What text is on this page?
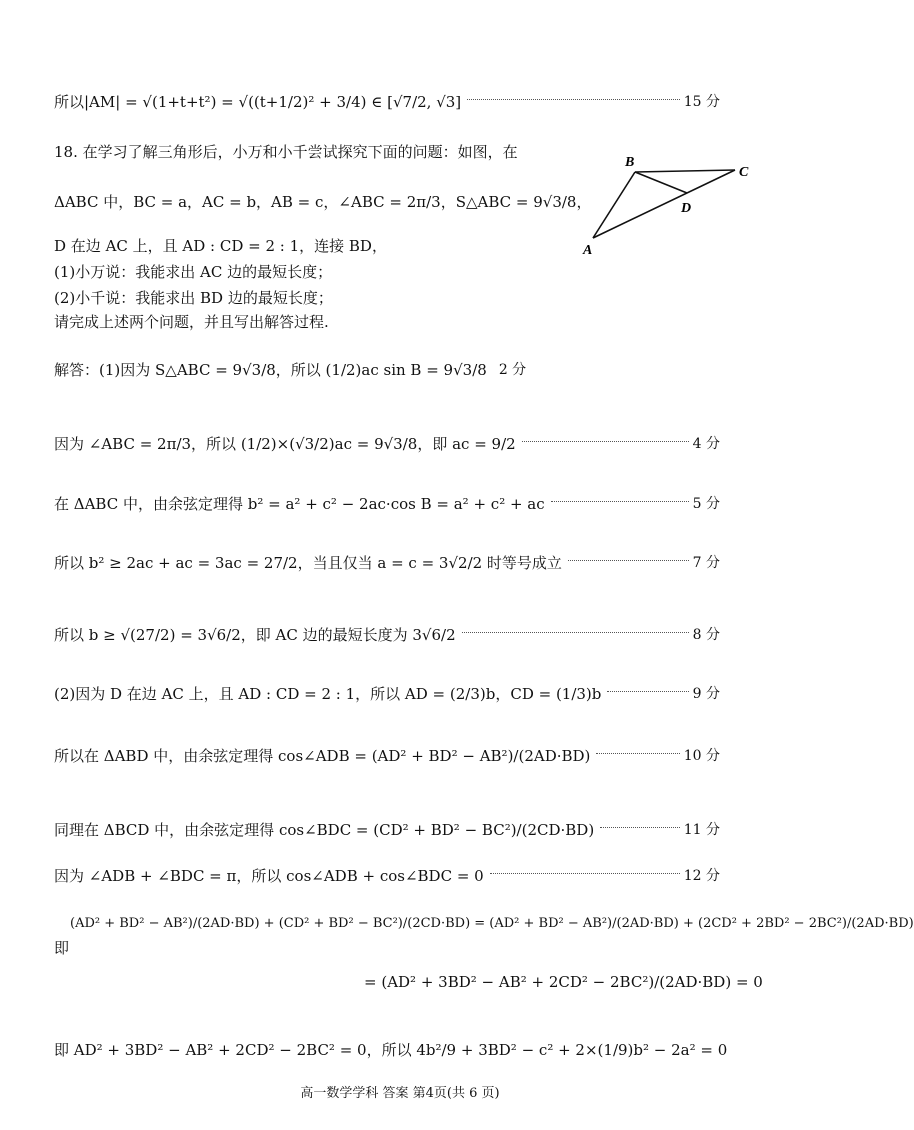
所以|AM| = √(1+t+t²) = √((t+1/2)² + 3/4) ∈ [√7/2, √3]	15 分
18. 在学习了解三角形后，小万和小千尝试探究下面的问题：如图，在
ΔABC 中，BC = a，AC = b，AB = c，∠ABC = 2π/3，S△ABC = 9√3/8，
D 在边 AC 上，且 AD : CD = 2 : 1，连接 BD，
(1)小万说：我能求出 AC 边的最短长度；
(2)小千说：我能求出 BD 边的最短长度；
请完成上述两个问题，并且写出解答过程.
B
C
D
A
解答：(1)因为 S△ABC = 9√3/8，所以 (1/2)ac sin B = 9√3/8 2 分
因为 ∠ABC = 2π/3，所以 (1/2)×(√3/2)ac = 9√3/8，即 ac = 9/2	4 分
在 ΔABC 中，由余弦定理得 b² = a² + c² − 2ac·cos B = a² + c² + ac	5 分
所以 b² ≥ 2ac + ac = 3ac = 27/2，当且仅当 a = c = 3√2/2 时等号成立	7 分
所以 b ≥ √(27/2) = 3√6/2，即 AC 边的最短长度为 3√6/2	8 分
(2)因为 D 在边 AC 上，且 AD : CD = 2 : 1，所以 AD = (2/3)b，CD = (1/3)b	9 分
所以在 ΔABD 中，由余弦定理得 cos∠ADB = (AD² + BD² − AB²)/(2AD·BD)	10 分
同理在 ΔBCD 中，由余弦定理得 cos∠BDC = (CD² + BD² − BC²)/(2CD·BD)	11 分
因为 ∠ADB + ∠BDC = π，所以 cos∠ADB + cos∠BDC = 0	12 分
(AD² + BD² − AB²)/(2AD·BD) + (CD² + BD² − BC²)/(2CD·BD) = (AD² + BD² − AB²)/(2AD·BD) + (2CD² + 2BD² − 2BC²)/(2AD·BD)
即
= (AD² + 3BD² − AB² + 2CD² − 2BC²)/(2AD·BD) = 0
即 AD² + 3BD² − AB² + 2CD² − 2BC² = 0，所以 4b²/9 + 3BD² − c² + 2×(1/9)b² − 2a² = 0
高一数学学科 答案 第4页(共 6 页)
